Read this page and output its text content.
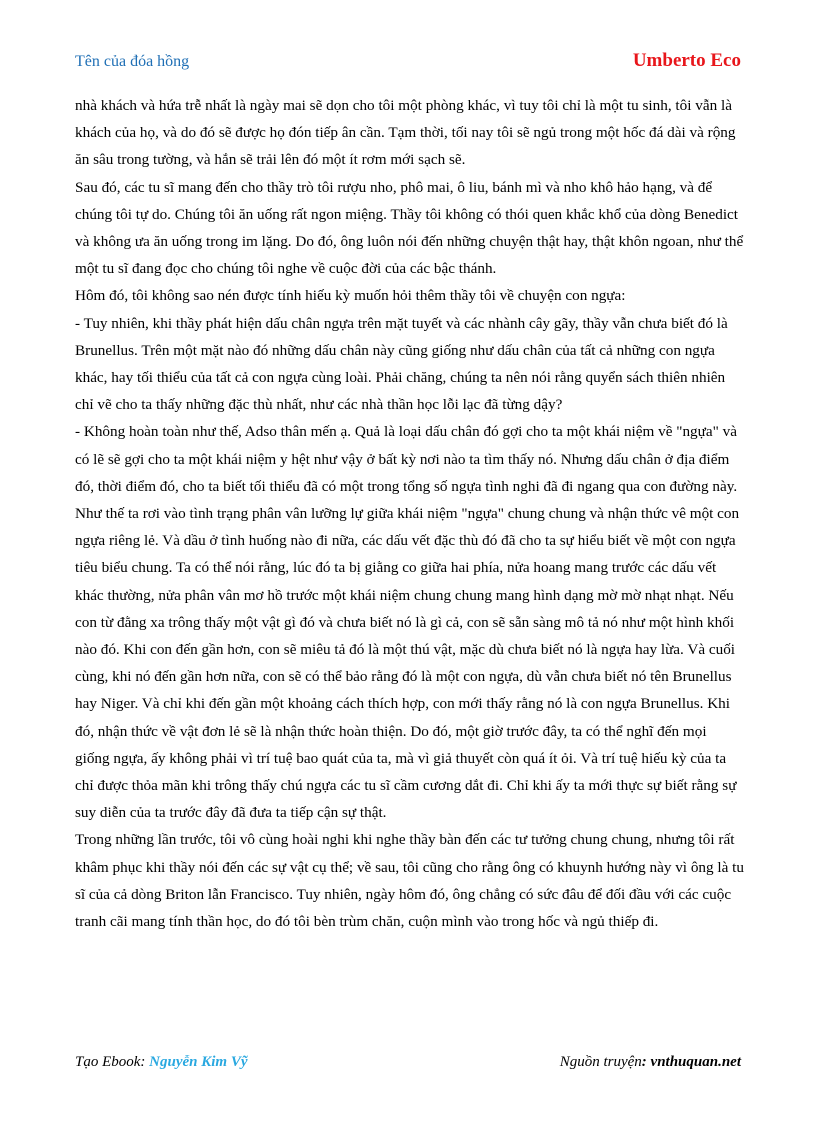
Tên của đóa hồng	Umberto Eco

nhà khách và hứa trễ nhất là ngày mai sẽ dọn cho tôi một phòng khác, vì tuy tôi chỉ là một tu sinh, tôi vẫn là khách của họ, và do đó sẽ được họ đón tiếp ân cần. Tạm thời, tối nay tôi sẽ ngủ trong một hốc đá dài và rộng ăn sâu trong tường, và hắn sẽ trải lên đó một ít rơm mới sạch sẽ.

Sau đó, các tu sĩ mang đến cho thầy trò tôi rượu nho, phô mai, ô liu, bánh mì và nho khô hảo hạng, và để chúng tôi tự do. Chúng tôi ăn uống rất ngon miệng. Thầy tôi không có thói quen khắc khổ của dòng Benedict và không ưa ăn uống trong im lặng. Do đó, ông luôn nói đến những chuyện thật hay, thật khôn ngoan, như thể một tu sĩ đang đọc cho chúng tôi nghe về cuộc đời của các bậc thánh.

Hôm đó, tôi không sao nén được tính hiếu kỳ muốn hỏi thêm thầy tôi về chuyện con ngựa:

- Tuy nhiên, khi thầy phát hiện dấu chân ngựa trên mặt tuyết và các nhành cây gãy, thầy vẫn chưa biết đó là Brunellus. Trên một mặt nào đó những dấu chân này cũng giống như dấu chân của tất cả những con ngựa khác, hay tối thiểu của tất cả con ngựa cùng loài. Phải chăng, chúng ta nên nói rằng quyển sách thiên nhiên chỉ vẽ cho ta thấy những đặc thù nhất, như các nhà thần học lỗi lạc đã từng dậy?

- Không hoàn toàn như thế, Adso thân mến ạ. Quả là loại dấu chân đó gợi cho ta một khái niệm về "ngựa" và có lẽ sẽ gợi cho ta một khái niệm y hệt như vậy ở bất kỳ nơi nào ta tìm thấy nó. Nhưng dấu chân ở địa điểm đó, thời điểm đó, cho ta biết tối thiểu đã có một trong tổng số ngựa tình nghi đã đi ngang qua con đường này. Như thế ta rơi vào tình trạng phân vân lưỡng lự giữa khái niệm "ngựa" chung chung và nhận thức vê một con ngựa riêng lẻ. Và dầu ở tình huống nào đi nữa, các dấu vết đặc thù đó đã cho ta sự hiểu biết về một con ngựa tiêu biểu chung. Ta có thể nói rằng, lúc đó ta bị giằng co giữa hai phía, nửa hoang mang trước các dấu vết khác thường, nửa phân vân mơ hồ trước một khái niệm chung chung mang hình dạng mờ mờ nhạt nhạt. Nếu con từ đằng xa trông thấy một vật gì đó và chưa biết nó là gì cả, con sẽ sẵn sàng mô tả nó như một hình khối nào đó. Khi con đến gần hơn, con sẽ miêu tả đó là một thú vật, mặc dù chưa biết nó là ngựa hay lừa. Và cuối cùng, khi nó đến gần hơn nữa, con sẽ có thể bảo rằng đó là một con ngựa, dù vẫn chưa biết nó tên Brunellus hay Niger. Và chỉ khi đến gần một khoảng cách thích hợp, con mới thấy rằng nó là con ngựa Brunellus. Khi đó, nhận thức về vật đơn lẻ sẽ là nhận thức hoàn thiện. Do đó, một giờ trước đây, ta có thể nghĩ đến mọi giống ngựa, ấy không phải vì trí tuệ bao quát của ta, mà vì giả thuyết còn quá ít ỏi. Và trí tuệ hiếu kỳ của ta chỉ được thỏa mãn khi trông thấy chú ngựa các tu sĩ cầm cương dắt đi. Chỉ khi ấy ta mới thực sự biết rằng sự suy diễn của ta trước đây đã đưa ta tiếp cận sự thật.

Trong những lần trước, tôi vô cùng hoài nghi khi nghe thầy bàn đến các tư tưởng chung chung, nhưng tôi rất khâm phục khi thầy nói đến các sự vật cụ thể; về sau, tôi cũng cho rằng ông có khuynh hướng này vì ông là tu sĩ của cả dòng Briton lẫn Francisco. Tuy nhiên, ngày hôm đó, ông chẳng có sức đâu để đối đầu với các cuộc tranh cãi mang tính thần học, do đó tôi bèn trùm chăn, cuộn mình vào trong hốc và ngủ thiếp đi.

Tạo Ebook: Nguyễn Kim Vỹ	Nguồn truyện: vnthuquan.net
